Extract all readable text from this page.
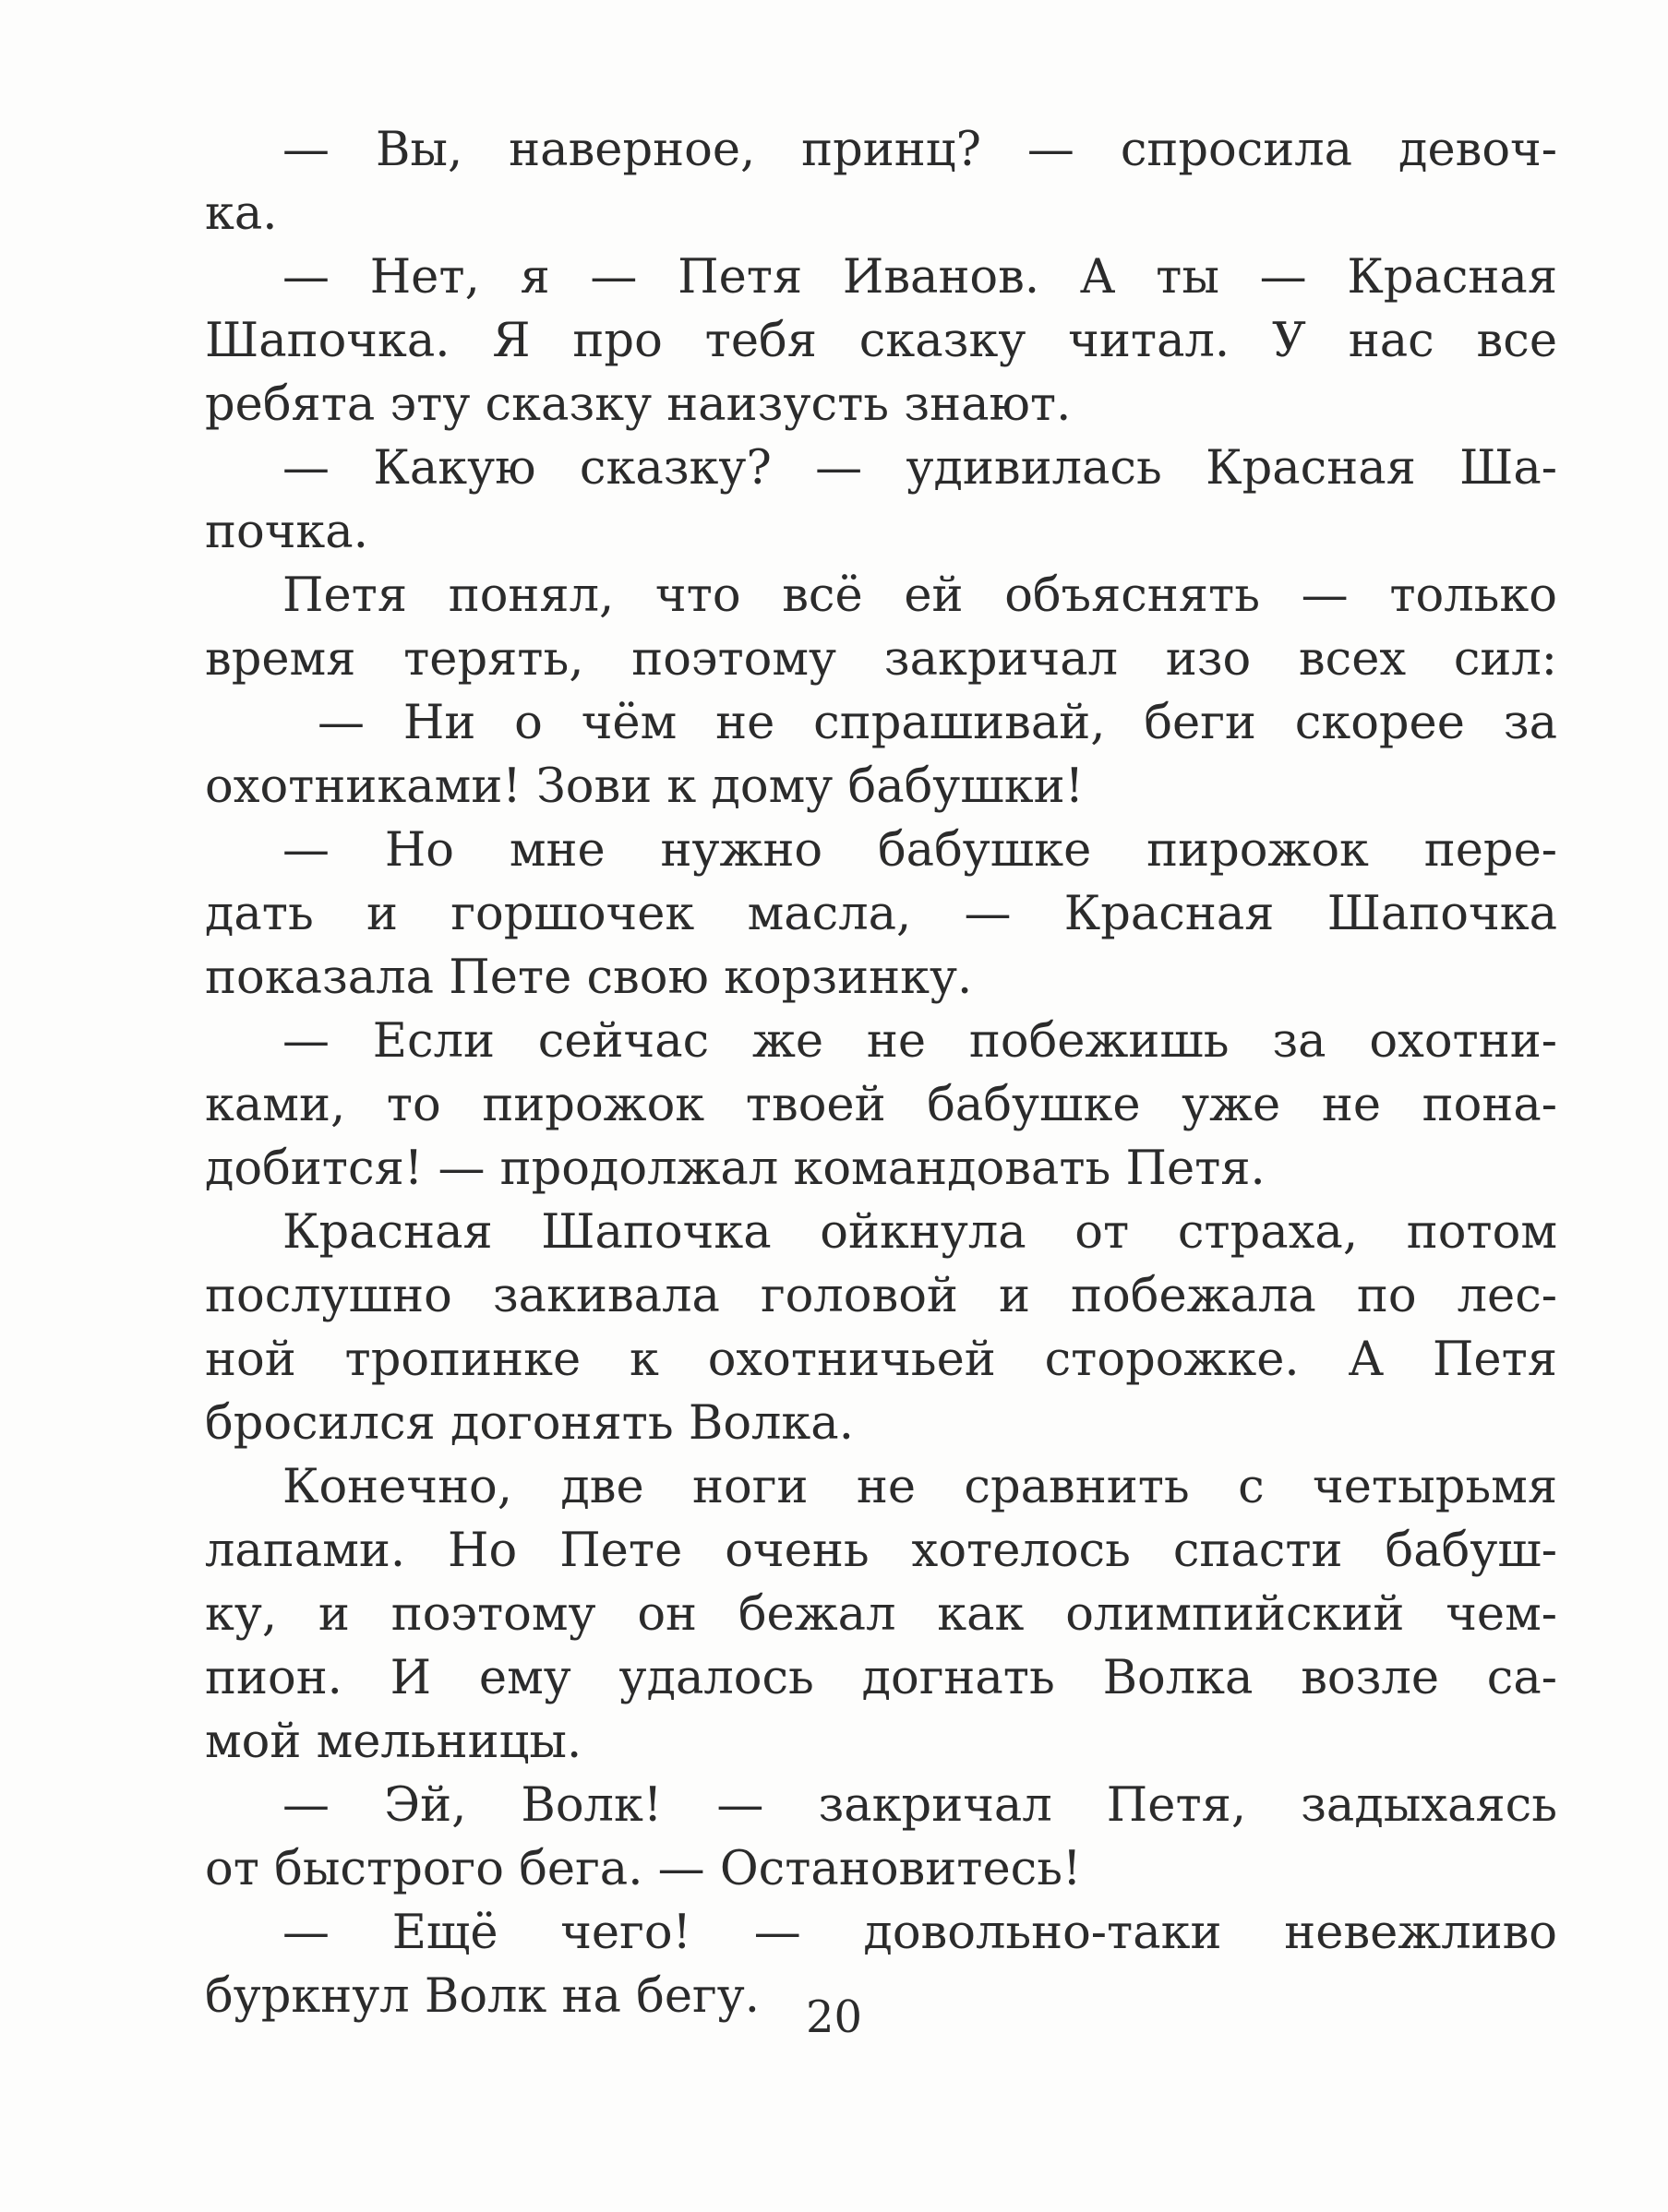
— Вы, наверное, принц? — спросила девоч-
ка.
— Нет, я — Петя Иванов. А ты — Красная
Шапочка. Я про тебя сказку читал. У нас все
ребята эту сказку наизусть знают.
— Какую сказку? — удивилась Красная Ша-
почка.
Петя понял, что всё ей объяснять — только
время терять, поэтому закричал изо всех сил:
— Ни о чём не спрашивай, беги скорее за
охотниками! Зови к дому бабушки!
— Но мне нужно бабушке пирожок пере-
дать и горшочек масла, — Красная Шапочка
показала Пете свою корзинку.
— Если сейчас же не побежишь за охотни-
ками, то пирожок твоей бабушке уже не пона-
добится! — продолжал командовать Петя.
Красная Шапочка ойкнула от страха, потом
послушно закивала головой и побежала по лес-
ной тропинке к охотничьей сторожке. А Петя
бросился догонять Волка.
Конечно, две ноги не сравнить с четырьмя
лапами. Но Пете очень хотелось спасти бабуш-
ку, и поэтому он бежал как олимпийский чем-
пион. И ему удалось догнать Волка возле са-
мой мельницы.
— Эй, Волк! — закричал Петя, задыхаясь
от быстрого бега. — Остановитесь!
— Ещё чего! — довольно-таки невежливо
буркнул Волк на бегу.	20
